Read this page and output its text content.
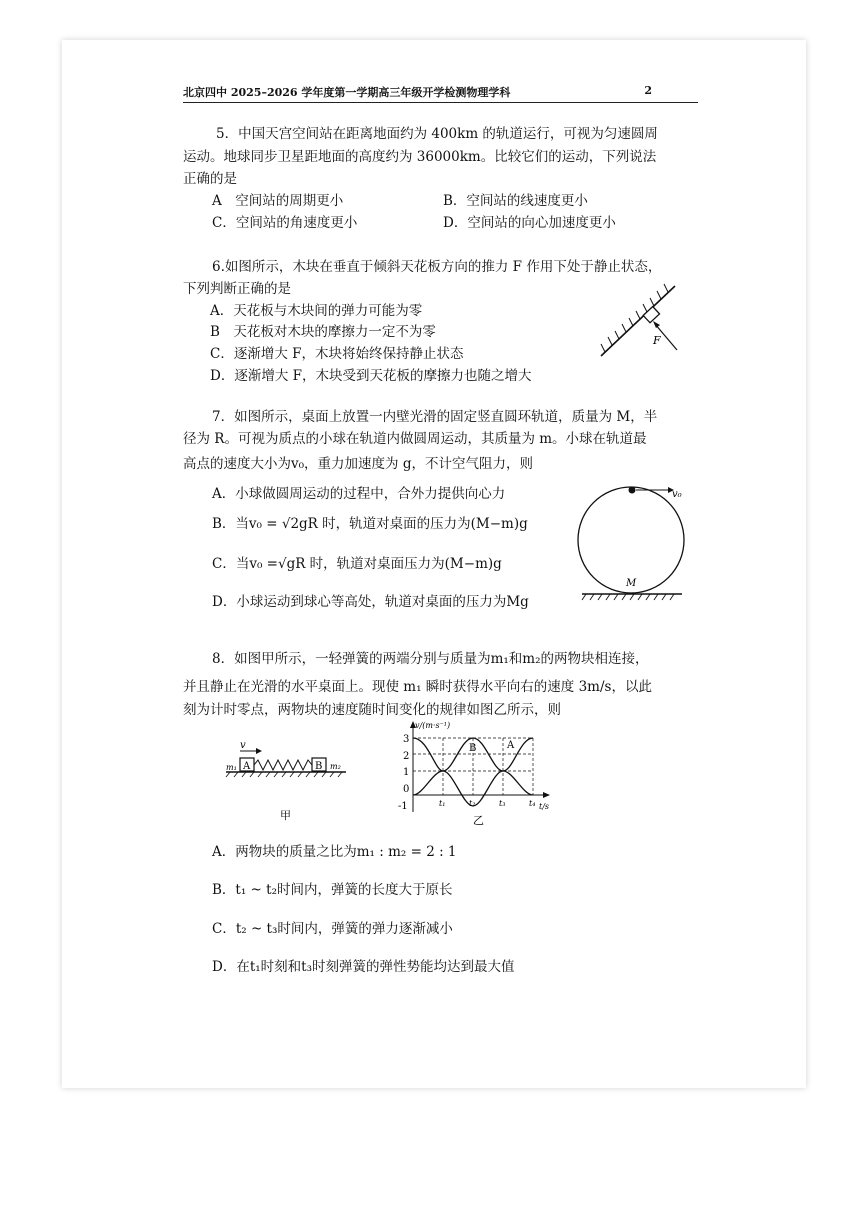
北京四中 2025–2026 学年度第一学期高三年级开学检测物理学科	2
5．中国天宫空间站在距离地面约为 400km 的轨道运行，可视为匀速圆周
运动。地球同步卫星距地面的高度约为 36000km。比较它们的运动，下列说法
正确的是
A　空间站的周期更小	B．空间站的线速度更小
C．空间站的角速度更小	D．空间站的向心加速度更小
6.如图所示，木块在垂直于倾斜天花板方向的推力 F 作用下处于静止状态，
下列判断正确的是
A．天花板与木块间的弹力可能为零
B　天花板对木块的摩擦力一定不为零
C．逐渐增大 F，木块将始终保持静止状态
D．逐渐增大 F，木块受到天花板的摩擦力也随之增大
F
7．如图所示，桌面上放置一内壁光滑的固定竖直圆环轨道，质量为 M，半
径为 R。可视为质点的小球在轨道内做圆周运动，其质量为 m。小球在轨道最
高点的速度大小为v₀，重力加速度为 g，不计空气阻力，则
A．小球做圆周运动的过程中，合外力提供向心力
B．当v₀ = √2gR 时，轨道对桌面的压力为(M−m)g
C．当v₀ =√gR 时，轨道对桌面压力为(M−m)g
D．小球运动到球心等高处，轨道对桌面的压力为Mg
v₀
M
8．如图甲所示，一轻弹簧的两端分别与质量为m₁和m₂的两物块相连接，
并且静止在光滑的水平桌面上。现使 m₁ 瞬时获得水平向右的速度 3m/s，以此
刻为计时零点，两物块的速度随时间变化的规律如图乙所示，则
v
m₁ A	B m₂
甲
v/(m·s⁻¹)
t/s
3
2
1
0
-1
B	A
t₁	t₂	t₃	t₄
乙
A．两物块的质量之比为m₁ : m₂ = 2 : 1
B．t₁ ~ t₂时间内，弹簧的长度大于原长
C．t₂ ~ t₃时间内，弹簧的弹力逐渐减小
D．在t₁时刻和t₃时刻弹簧的弹性势能均达到最大值
